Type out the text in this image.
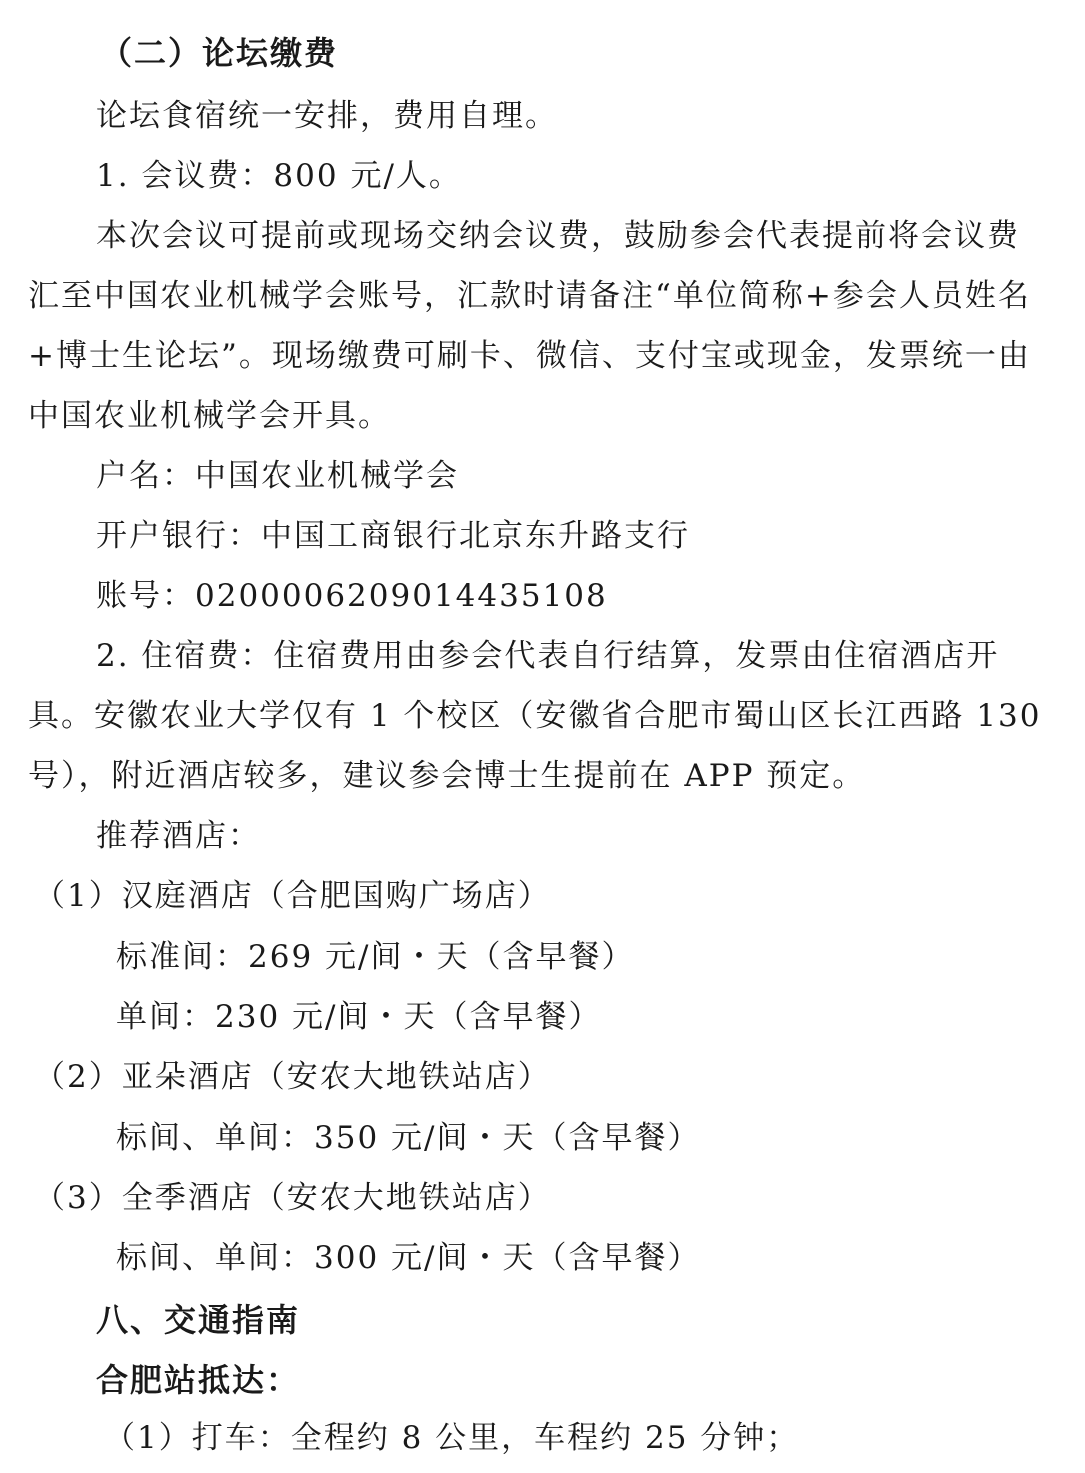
（二）论坛缴费
论坛食宿统一安排，费用自理。
1. 会议费：800 元/人。
本次会议可提前或现场交纳会议费，鼓励参会代表提前将会议费
汇至中国农业机械学会账号，汇款时请备注“单位简称+参会人员姓名
+博士生论坛”。现场缴费可刷卡、微信、支付宝或现金，发票统一由
中国农业机械学会开具。
户名：中国农业机械学会
开户银行：中国工商银行北京东升路支行
账号：0200006209014435108
2. 住宿费：住宿费用由参会代表自行结算，发票由住宿酒店开
具。安徽农业大学仅有 1 个校区（安徽省合肥市蜀山区长江西路 130
号），附近酒店较多，建议参会博士生提前在 APP 预定。
推荐酒店：
（1）汉庭酒店（合肥国购广场店）
标准间：269 元/间・天（含早餐）
单间：230 元/间・天（含早餐）
（2）亚朵酒店（安农大地铁站店）
标间、单间：350 元/间・天（含早餐）
（3）全季酒店（安农大地铁站店）
标间、单间：300 元/间・天（含早餐）
八、交通指南
合肥站抵达：
（1）打车：全程约 8 公里，车程约 25 分钟；
